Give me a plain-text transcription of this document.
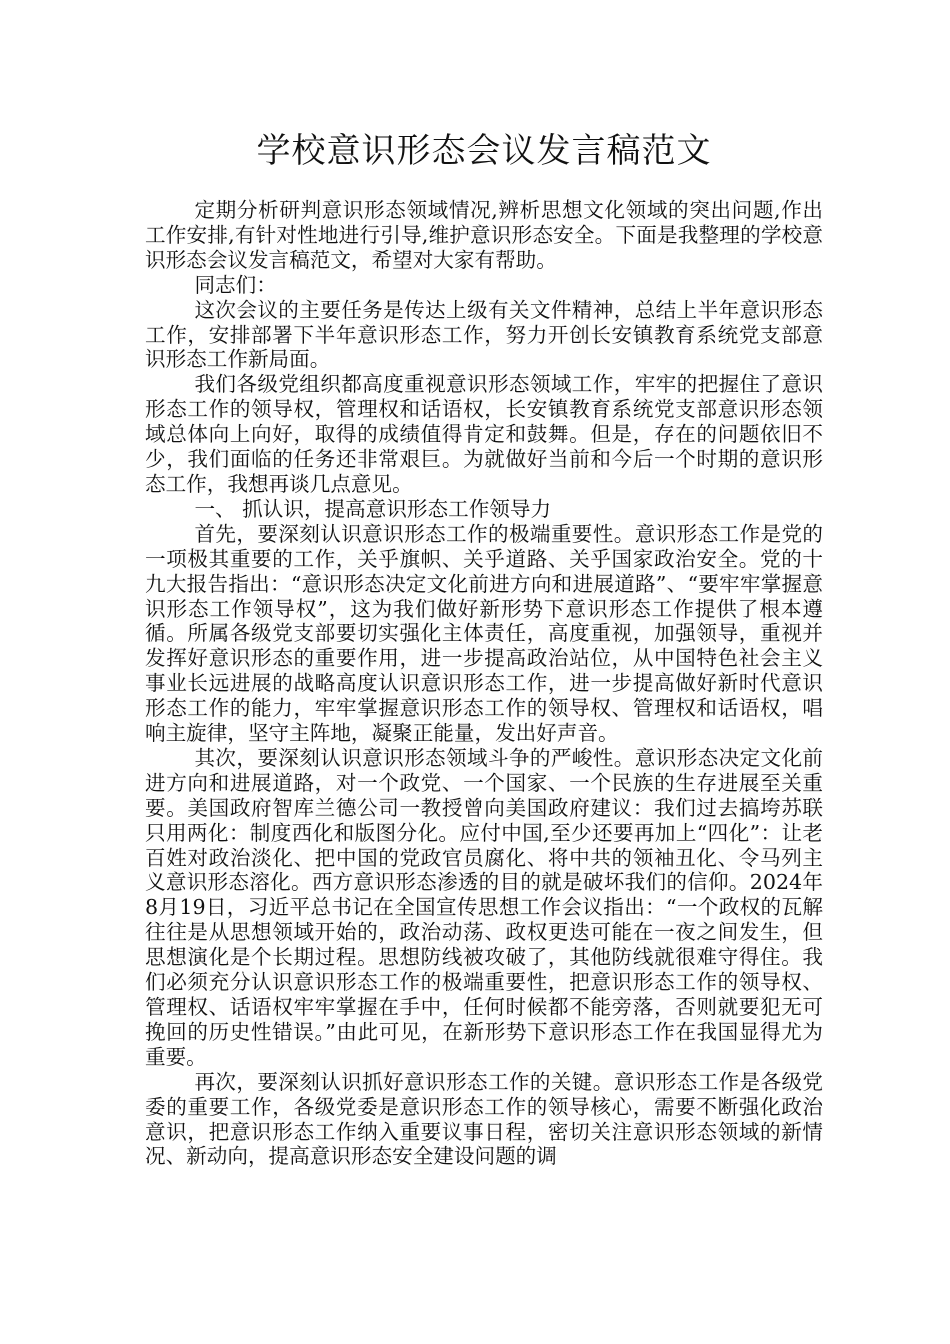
学校意识形态会议发言稿范文

定期分析研判意识形态领域情况,辨析思想文化领域的突出问题,作出工作安排,有针对性地进行引导,维护意识形态安全。下面是我整理的学校意识形态会议发言稿范文，希望对大家有帮助。

同志们：

这次会议的主要任务是传达上级有关文件精神，总结上半年意识形态工作，安排部署下半年意识形态工作，努力开创长安镇教育系统党支部意识形态工作新局面。

我们各级党组织都高度重视意识形态领域工作，牢牢的把握住了意识形态工作的领导权，管理权和话语权，长安镇教育系统党支部意识形态领域总体向上向好，取得的成绩值得肯定和鼓舞。但是，存在的问题依旧不少，我们面临的任务还非常艰巨。为就做好当前和今后一个时期的意识形态工作，我想再谈几点意见。

一、 抓认识，提高意识形态工作领导力

首先，要深刻认识意识形态工作的极端重要性。意识形态工作是党的一项极其重要的工作，关乎旗帜、关乎道路、关乎国家政治安全。党的十九大报告指出：“意识形态决定文化前进方向和进展道路”、“要牢牢掌握意识形态工作领导权”，这为我们做好新形势下意识形态工作提供了根本遵循。所属各级党支部要切实强化主体责任，高度重视，加强领导，重视并发挥好意识形态的重要作用，进一步提高政治站位，从中国特色社会主义事业长远进展的战略高度认识意识形态工作，进一步提高做好新时代意识形态工作的能力，牢牢掌握意识形态工作的领导权、管理权和话语权，唱响主旋律，坚守主阵地，凝聚正能量，发出好声音。

其次，要深刻认识意识形态领域斗争的严峻性。意识形态决定文化前进方向和进展道路，对一个政党、一个国家、一个民族的生存进展至关重要。美国政府智库兰德公司一教授曾向美国政府建议：我们过去搞垮苏联只用两化：制度西化和版图分化。应付中国,至少还要再加上“四化”：让老百姓对政治淡化、把中国的党政官员腐化、将中共的领袖丑化、令马列主义意识形态溶化。西方意识形态渗透的目的就是破坏我们的信仰。2024年8月19日，习近平总书记在全国宣传思想工作会议指出：“一个政权的瓦解往往是从思想领域开始的，政治动荡、政权更迭可能在一夜之间发生，但思想演化是个长期过程。思想防线被攻破了，其他防线就很难守得住。我们必须充分认识意识形态工作的极端重要性，把意识形态工作的领导权、管理权、话语权牢牢掌握在手中，任何时候都不能旁落，否则就要犯无可挽回的历史性错误。”由此可见，在新形势下意识形态工作在我国显得尤为重要。

再次，要深刻认识抓好意识形态工作的关键。意识形态工作是各级党委的重要工作，各级党委是意识形态工作的领导核心，需要不断强化政治意识，把意识形态工作纳入重要议事日程，密切关注意识形态领域的新情况、新动向，提高意识形态安全建设问题的调
